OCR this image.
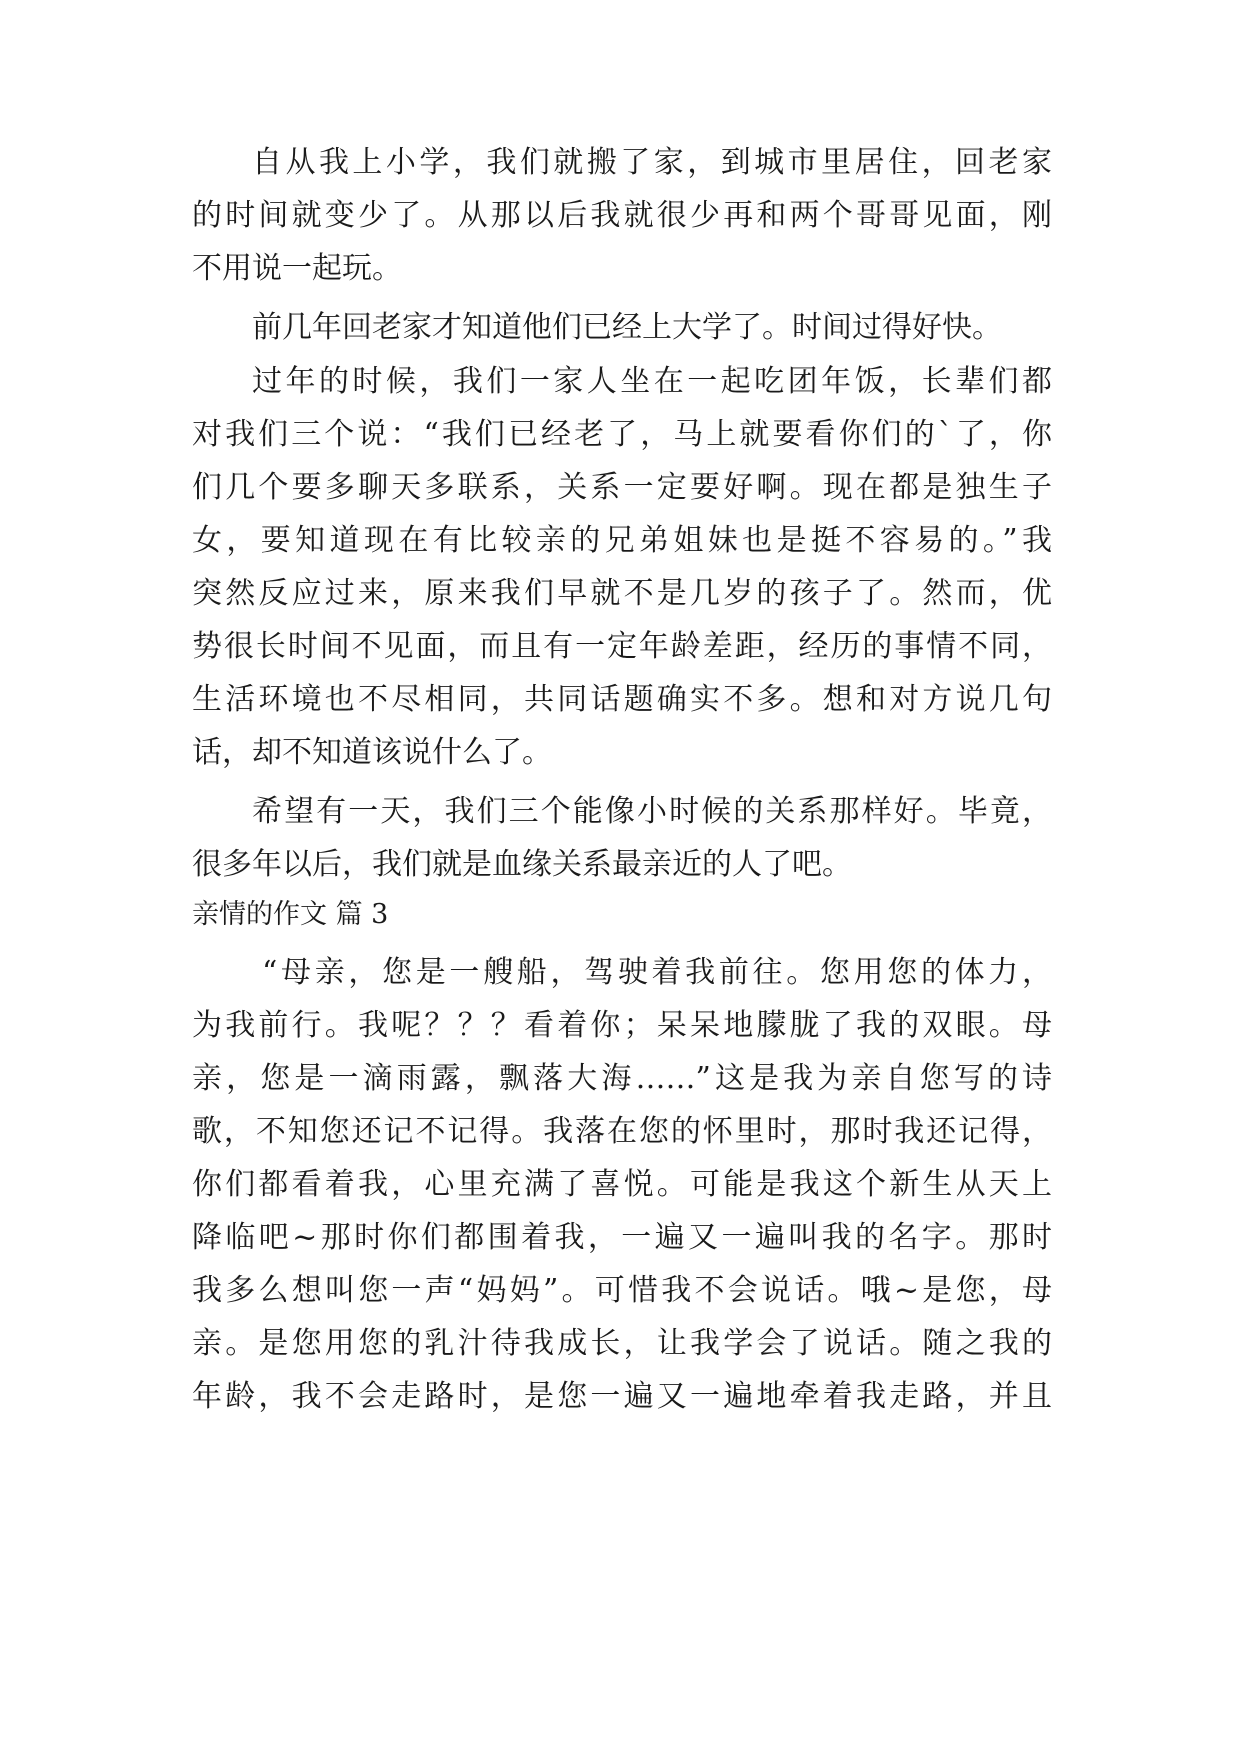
自从我上小学，我们就搬了家，到城市里居住，回老家
的时间就变少了。从那以后我就很少再和两个哥哥见面，刚
不用说一起玩。
前几年回老家才知道他们已经上大学了。时间过得好快。
过年的时候，我们一家人坐在一起吃团年饭，长辈们都
对我们三个说：“我们已经老了，马上就要看你们的`了，你
们几个要多聊天多联系，关系一定要好啊。现在都是独生子
女，要知道现在有比较亲的兄弟姐妹也是挺不容易的。”我
突然反应过来，原来我们早就不是几岁的孩子了。然而，优
势很长时间不见面，而且有一定年龄差距，经历的事情不同，
生活环境也不尽相同，共同话题确实不多。想和对方说几句
话，却不知道该说什么了。
希望有一天，我们三个能像小时候的关系那样好。毕竟，
很多年以后，我们就是血缘关系最亲近的人了吧。
亲情的作文 篇 3
“母亲，您是一艘船，驾驶着我前往。您用您的体力，
为我前行。我呢？？？看着你；呆呆地朦胧了我的双眼。母
亲，您是一滴雨露，飘落大海……”这是我为亲自您写的诗
歌，不知您还记不记得。我落在您的怀里时，那时我还记得，
你们都看着我，心里充满了喜悦。可能是我这个新生从天上
降临吧~那时你们都围着我，一遍又一遍叫我的名字。那时
我多么想叫您一声“妈妈”。可惜我不会说话。哦~是您，母
亲。是您用您的乳汁待我成长，让我学会了说话。随之我的
年龄，我不会走路时，是您一遍又一遍地牵着我走路，并且
